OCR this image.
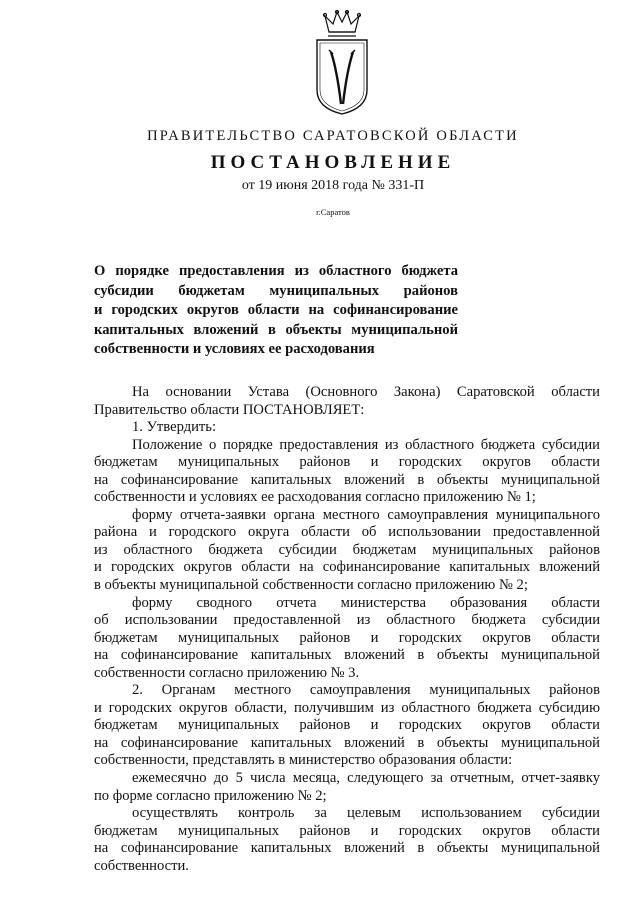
ПРАВИТЕЛЬСТВО САРАТОВСКОЙ ОБЛАСТИ
ПОСТАНОВЛЕНИЕ
от 19 июня 2018 года № 331-П
г.Саратов
О порядке предоставления из областного бюджета
субсидии бюджетам муниципальных районов
и городских округов области на софинансирование
капитальных вложений в объекты муниципальной
собственности и условиях ее расходования
На основании Устава (Основного Закона) Саратовской области
Правительство области ПОСТАНОВЛЯЕТ:
1. Утвердить:
Положение о порядке предоставления из областного бюджета субсидии
бюджетам муниципальных районов и городских округов области
на софинансирование капитальных вложений в объекты муниципальной
собственности и условиях ее расходования согласно приложению № 1;
форму отчета-заявки органа местного самоуправления муниципального
района и городского округа области об использовании предоставленной
из областного бюджета субсидии бюджетам муниципальных районов
и городских округов области на софинансирование капитальных вложений
в объекты муниципальной собственности согласно приложению № 2;
форму сводного отчета министерства образования области
об использовании предоставленной из областного бюджета субсидии
бюджетам муниципальных районов и городских округов области
на софинансирование капитальных вложений в объекты муниципальной
собственности согласно приложению № 3.
2. Органам местного самоуправления муниципальных районов
и городских округов области, получившим из областного бюджета субсидию
бюджетам муниципальных районов и городских округов области
на софинансирование капитальных вложений в объекты муниципальной
собственности, представлять в министерство образования области:
ежемесячно до 5 числа месяца, следующего за отчетным, отчет-заявку
по форме согласно приложению № 2;
осуществлять контроль за целевым использованием субсидии
бюджетам муниципальных районов и городских округов области
на софинансирование капитальных вложений в объекты муниципальной
собственности.
